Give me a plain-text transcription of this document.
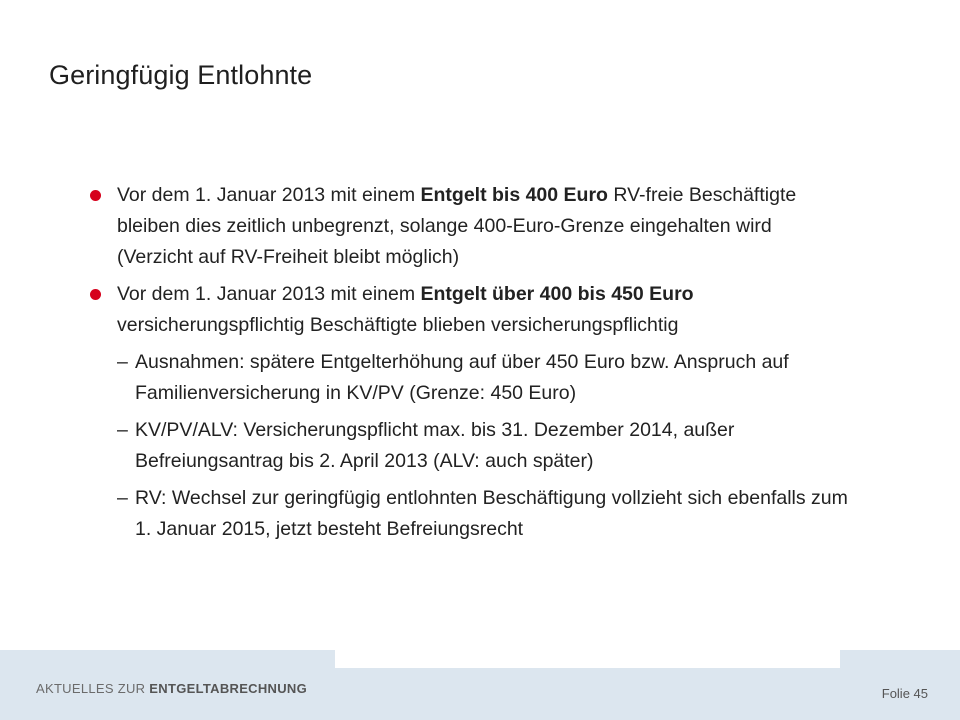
Geringfügig Entlohnte
Vor dem 1. Januar 2013 mit einem Entgelt bis 400 Euro RV-freie Beschäftigte bleiben dies zeitlich unbegrenzt, solange 400-Euro-Grenze eingehalten wird (Verzicht auf RV-Freiheit bleibt möglich)
Vor dem 1. Januar 2013 mit einem Entgelt über 400 bis 450 Euro versicherungspflichtig Beschäftigte blieben versicherungspflichtig
– Ausnahmen: spätere Entgelterhöhung auf über 450 Euro bzw. Anspruch auf Familienversicherung in KV/PV (Grenze: 450 Euro)
– KV/PV/ALV: Versicherungspflicht max. bis 31. Dezember 2014, außer Befreiungsantrag bis 2. April 2013 (ALV: auch später)
– RV: Wechsel zur geringfügig entlohnten Beschäftigung vollzieht sich ebenfalls zum 1. Januar 2015, jetzt besteht Befreiungsrecht
AKTUELLES ZUR ENTGELTABRECHNUNG	Folie 45
